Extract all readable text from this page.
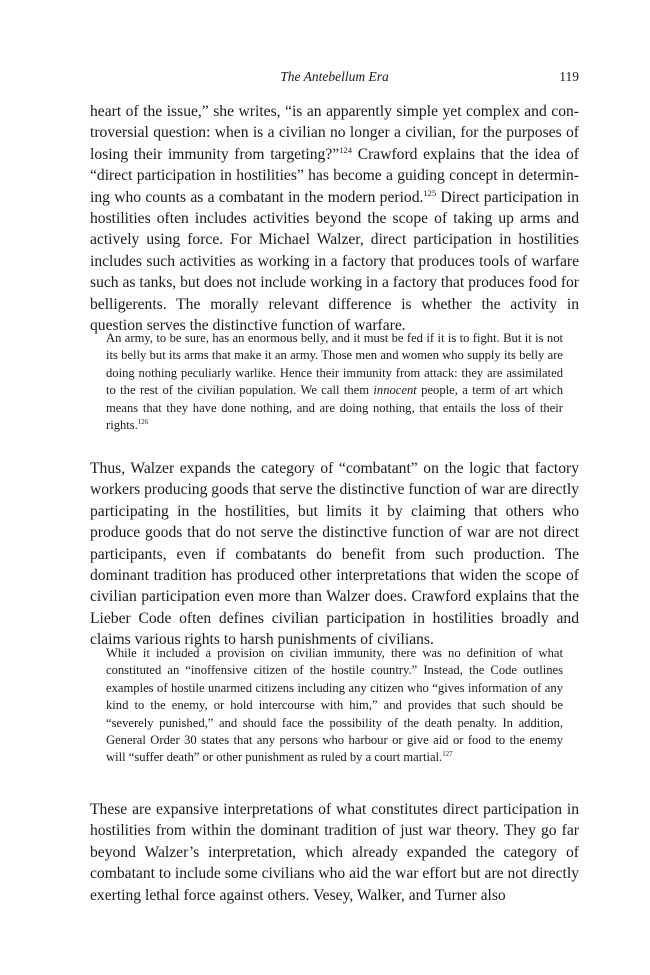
The Antebellum Era	119

heart of the issue,” she writes, “is an apparently simple yet complex and controversial question: when is a civilian no longer a civilian, for the purposes of losing their immunity from targeting?”$^{124}$ Crawford explains that the idea of “direct participation in hostilities” has become a guiding concept in determining who counts as a combatant in the modern period.$^{125}$ Direct participation in hostilities often includes activities beyond the scope of taking up arms and actively using force. For Michael Walzer, direct participation in hostilities includes such activities as working in a factory that produces tools of warfare such as tanks, but does not include working in a factory that produces food for belligerents. The morally relevant difference is whether the activity in question serves the distinctive function of warfare.

An army, to be sure, has an enormous belly, and it must be fed if it is to fight. But it is not its belly but its arms that make it an army. Those men and women who supply its belly are doing nothing peculiarly warlike. Hence their immunity from attack: they are assimilated to the rest of the civilian population. We call them innocent people, a term of art which means that they have done nothing, and are doing nothing, that entails the loss of their rights.$^{126}$

Thus, Walzer expands the category of “combatant” on the logic that factory workers producing goods that serve the distinctive function of war are directly participating in the hostilities, but limits it by claiming that others who produce goods that do not serve the distinctive function of war are not direct participants, even if combatants do benefit from such production. The dominant tradition has produced other interpretations that widen the scope of civilian participation even more than Walzer does. Crawford explains that the Lieber Code often defines civilian participation in hostilities broadly and claims various rights to harsh punishments of civilians.

While it included a provision on civilian immunity, there was no definition of what constituted an “inoffensive citizen of the hostile country.” Instead, the Code outlines examples of hostile unarmed citizens including any citizen who “gives information of any kind to the enemy, or hold intercourse with him,” and provides that such should be “severely punished,” and should face the possibility of the death penalty. In addition, General Order 30 states that any persons who harbour or give aid or food to the enemy will “suffer death” or other punishment as ruled by a court martial.$^{127}$

These are expansive interpretations of what constitutes direct participation in hostilities from within the dominant tradition of just war theory. They go far beyond Walzer’s interpretation, which already expanded the category of combatant to include some civilians who aid the war effort but are not directly exerting lethal force against others. Vesey, Walker, and Turner also
